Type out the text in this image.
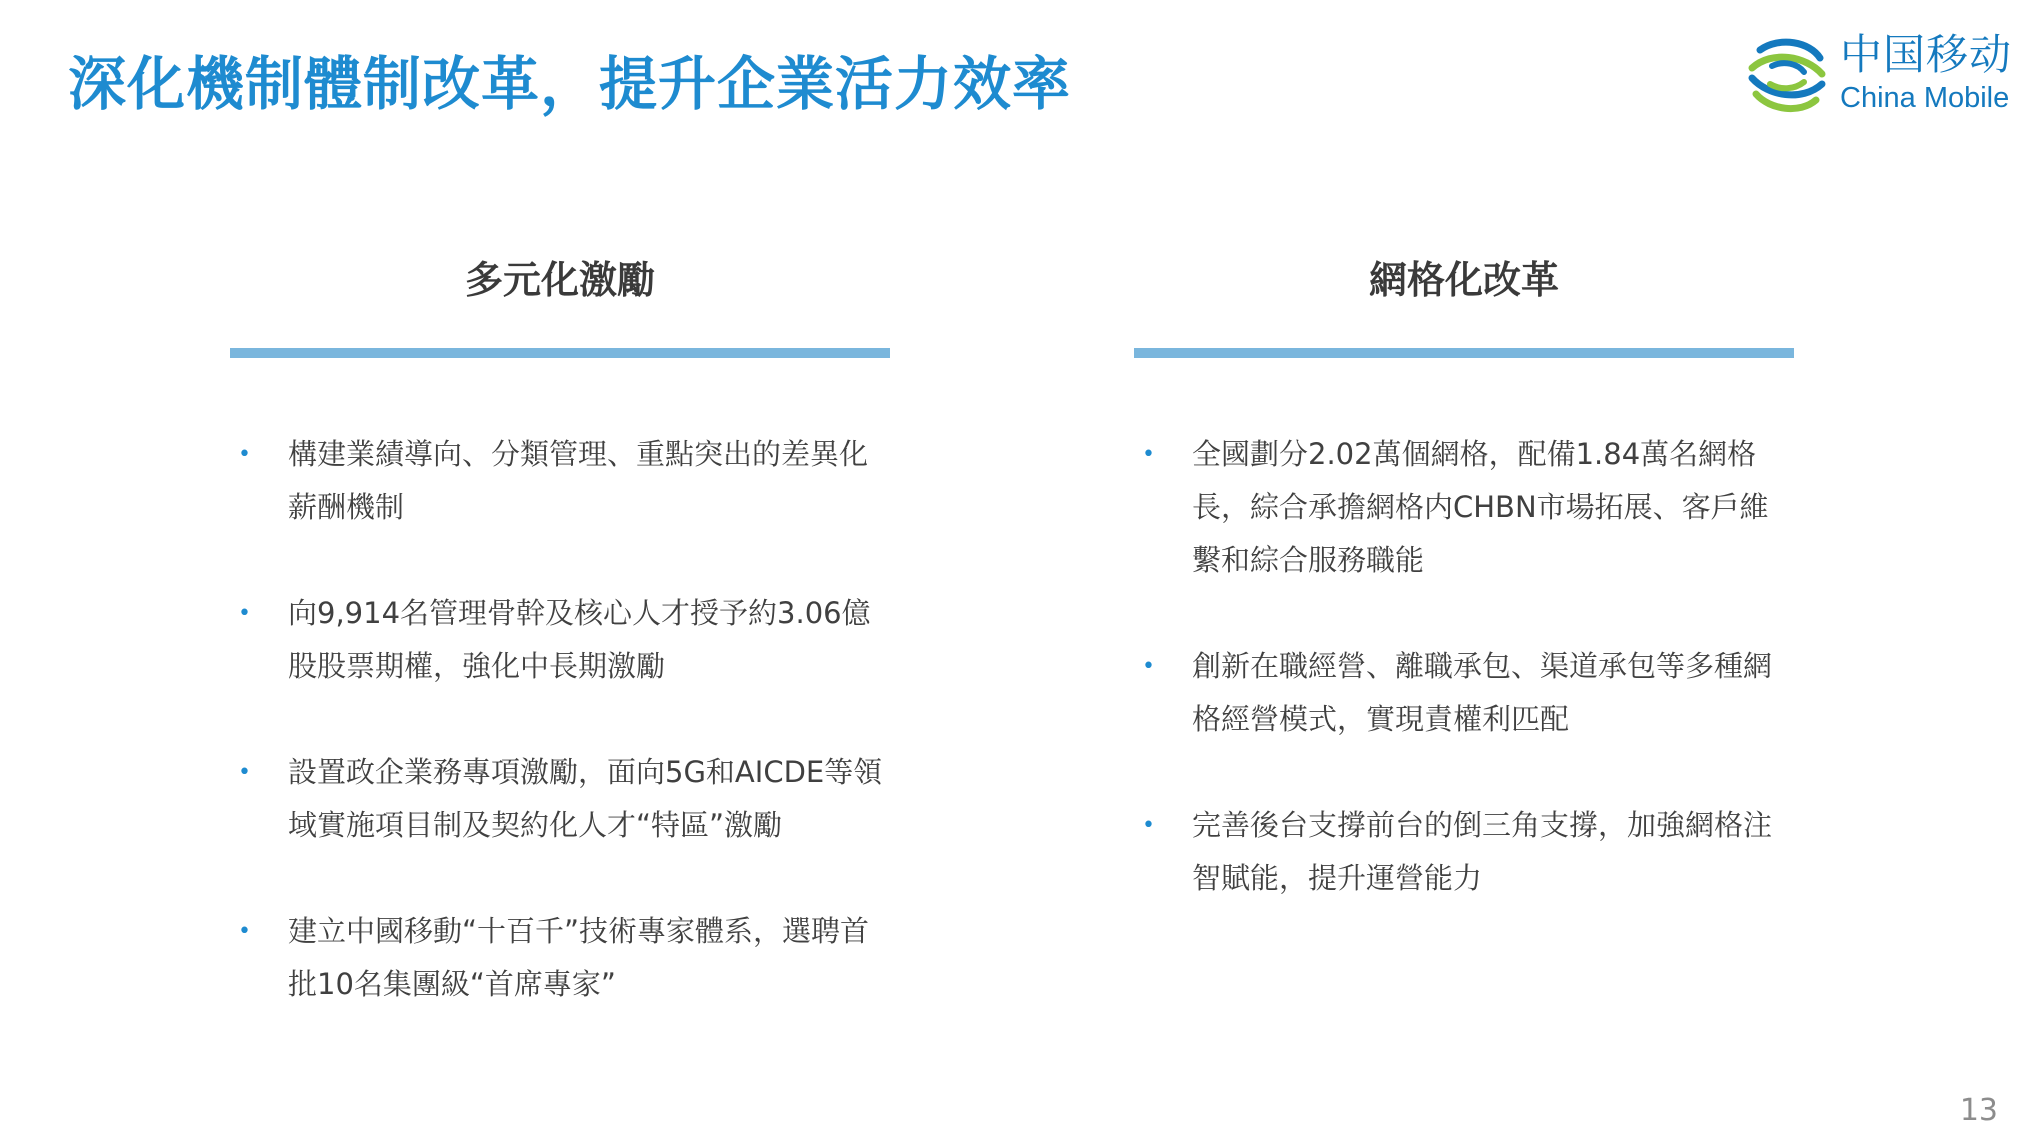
深化機制體制改革，提升企業活力效率	中国移动
China Mobile
多元化激勵
• 構建業績導向、分類管理、重點突出的差異化薪酬機制
• 向9,914名管理骨幹及核心人才授予約3.06億股股票期權，強化中長期激勵
• 設置政企業務專項激勵，面向5G和AICDE等領域實施項目制及契約化人才“特區”激勵
• 建立中國移動“十百千”技術專家體系，選聘首批10名集團級“首席專家”
網格化改革
• 全國劃分2.02萬個網格，配備1.84萬名網格長，綜合承擔網格内CHBN市場拓展、客戶維繫和綜合服務職能
• 創新在職經營、離職承包、渠道承包等多種網格經營模式，實現責權利匹配
• 完善後台支撐前台的倒三角支撐，加強網格注智賦能，提升運營能力
13
